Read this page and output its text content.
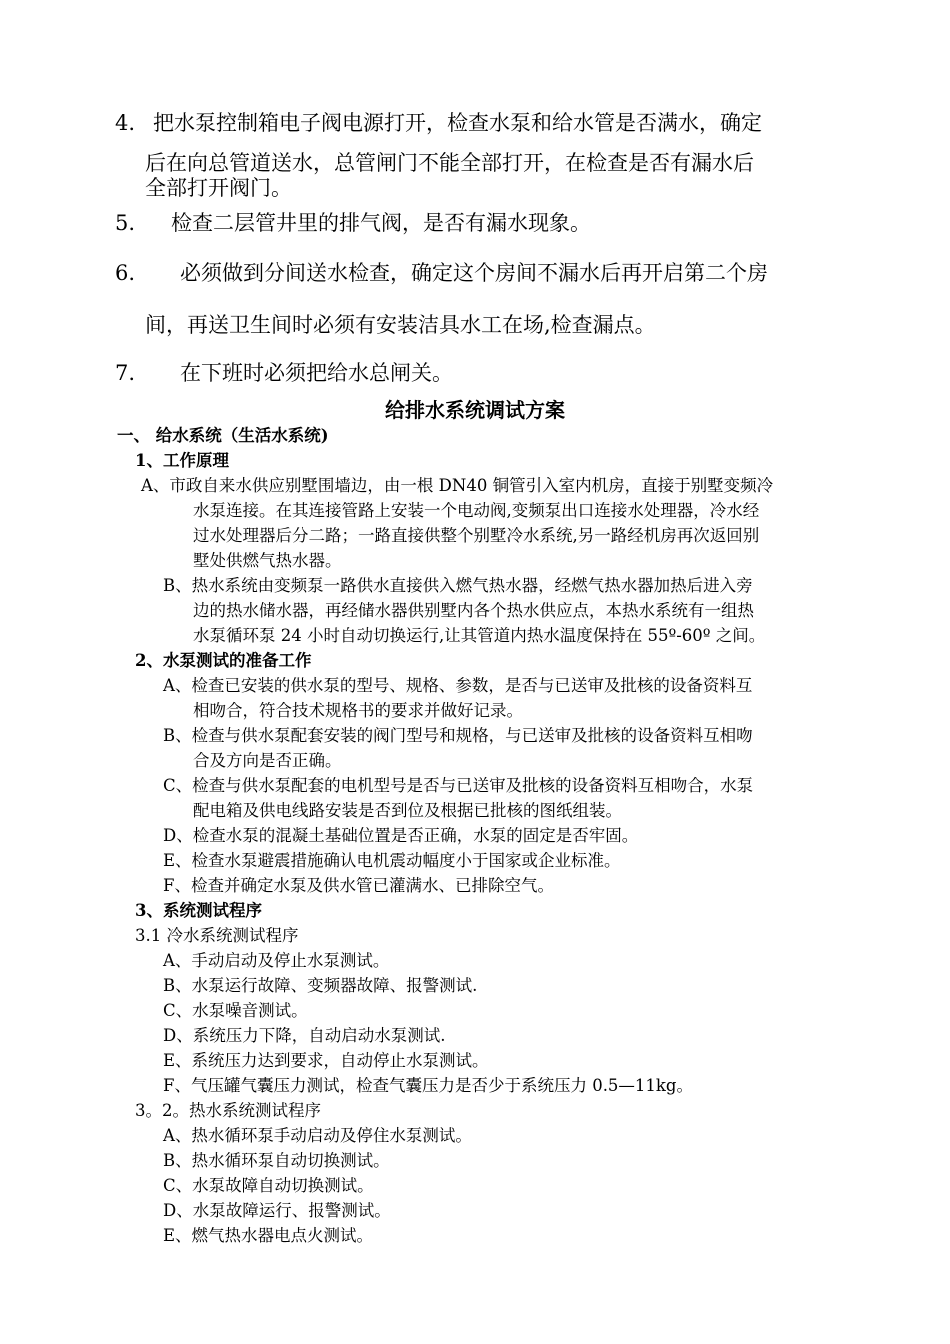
4. 把水泵控制箱电子阀电源打开，检查水泵和给水管是否满水，确定
后在向总管道送水，总管闸门不能全部打开，在检查是否有漏水后
全部打开阀门。
5. 检查二层管井里的排气阀，是否有漏水现象。
6. 必须做到分间送水检查，确定这个房间不漏水后再开启第二个房
间，再送卫生间时必须有安装洁具水工在场,检查漏点。
7. 在下班时必须把给水总闸关。
给排水系统调试方案
一、 给水系统（生活水系统)
1、工作原理
A、市政自来水供应别墅围墙边，由一根 DN40 铜管引入室内机房，直接于别墅变频冷
水泵连接。在其连接管路上安装一个电动阀,变频泵出口连接水处理器，冷水经
过水处理器后分二路；一路直接供整个别墅冷水系统,另一路经机房再次返回别
墅处供燃气热水器。
B、热水系统由变频泵一路供水直接供入燃气热水器，经燃气热水器加热后进入旁
边的热水储水器，再经储水器供别墅内各个热水供应点，本热水系统有一组热
水泵循环泵 24 小时自动切换运行,让其管道内热水温度保持在 55º-60º 之间。
2、水泵测试的准备工作
A、检查已安装的供水泵的型号、规格、参数，是否与已送审及批核的设备资料互
相吻合，符合技术规格书的要求并做好记录。
B、检查与供水泵配套安装的阀门型号和规格，与已送审及批核的设备资料互相吻
合及方向是否正确。
C、检查与供水泵配套的电机型号是否与已送审及批核的设备资料互相吻合，水泵
配电箱及供电线路安装是否到位及根据已批核的图纸组装。
D、检查水泵的混凝土基础位置是否正确，水泵的固定是否牢固。
E、检查水泵避震措施确认电机震动幅度小于国家或企业标准。
F、检查并确定水泵及供水管已灌满水、已排除空气。
3、系统测试程序
3.1 冷水系统测试程序
A、手动启动及停止水泵测试。
B、水泵运行故障、变频器故障、报警测试.
C、水泵噪音测试。
D、系统压力下降，自动启动水泵测试.
E、系统压力达到要求，自动停止水泵测试。
F、气压罐气囊压力测试，检查气囊压力是否少于系统压力 0.5—11kg。
3。2。热水系统测试程序
A、热水循环泵手动启动及停住水泵测试。
B、热水循环泵自动切换测试。
C、水泵故障自动切换测试。
D、水泵故障运行、报警测试。
E、燃气热水器电点火测试。
